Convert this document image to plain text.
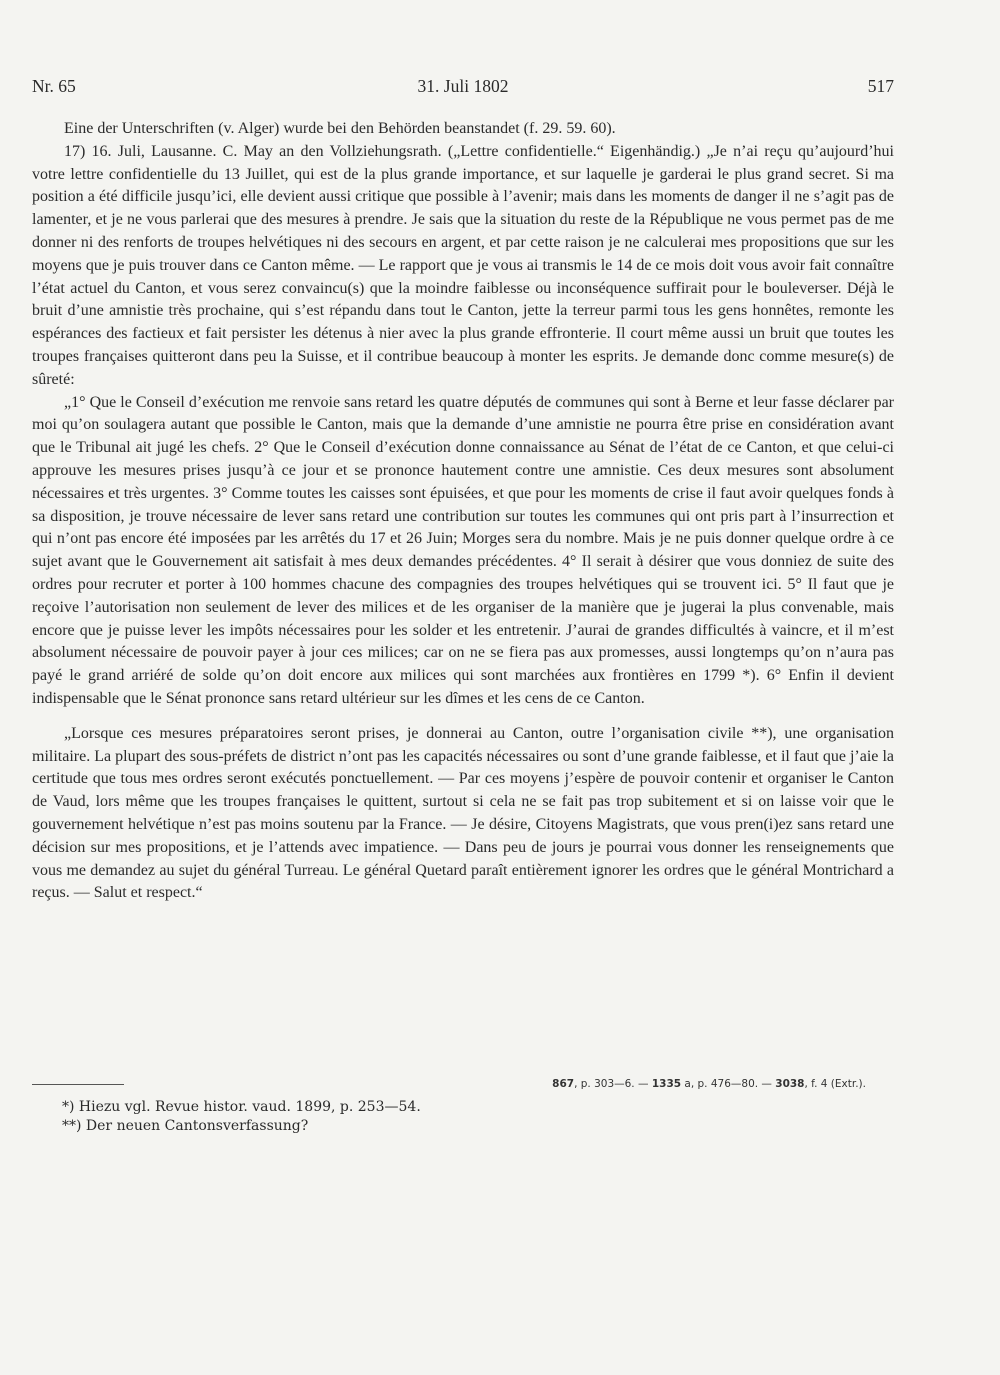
Nr. 65	31. Juli 1802	517

Eine der Unterschriften (v. Alger) wurde bei den Behörden beanstandet (f. 29. 59. 60).

17) 16. Juli, Lausanne. C. May an den Vollziehungsrath. („Lettre confidentielle.“ Eigenhändig.) „Je n’ai reçu qu’aujourd’hui votre lettre confidentielle du 13 Juillet, qui est de la plus grande importance, et sur laquelle je garderai le plus grand secret. Si ma position a été difficile jusqu’ici, elle devient aussi critique que possible à l’avenir; mais dans les moments de danger il ne s’agit pas de lamenter, et je ne vous parlerai que des mesures à prendre. Je sais que la situation du reste de la République ne vous permet pas de me donner ni des renforts de troupes helvétiques ni des secours en argent, et par cette raison je ne calculerai mes propositions que sur les moyens que je puis trouver dans ce Canton même. — Le rapport que je vous ai transmis le 14 de ce mois doit vous avoir fait connaître l’état actuel du Canton, et vous serez convaincu(s) que la moindre faiblesse ou inconséquence suffirait pour le bouleverser. Déjà le bruit d’une amnistie très prochaine, qui s’est répandu dans tout le Canton, jette la terreur parmi tous les gens honnêtes, remonte les espérances des factieux et fait persister les détenus à nier avec la plus grande effronterie. Il court même aussi un bruit que toutes les troupes françaises quitteront dans peu la Suisse, et il contribue beaucoup à monter les esprits. Je demande donc comme mesure(s) de sûreté:

„1° Que le Conseil d’exécution me renvoie sans retard les quatre députés de communes qui sont à Berne et leur fasse déclarer par moi qu’on soulagera autant que possible le Canton, mais que la demande d’une amnistie ne pourra être prise en considération avant que le Tribunal ait jugé les chefs. 2° Que le Conseil d’exécution donne connaissance au Sénat de l’état de ce Canton, et que celui-ci approuve les mesures prises jusqu’à ce jour et se prononce hautement contre une amnistie. Ces deux mesures sont absolument nécessaires et très urgentes. 3° Comme toutes les caisses sont épuisées, et que pour les moments de crise il faut avoir quelques fonds à sa disposition, je trouve nécessaire de lever sans retard une contribution sur toutes les communes qui ont pris part à l’insurrection et qui n’ont pas encore été imposées par les arrêtés du 17 et 26 Juin; Morges sera du nombre. Mais je ne puis donner quelque ordre à ce sujet avant que le Gouvernement ait satisfait à mes deux demandes précédentes. 4° Il serait à désirer que vous donniez de suite des ordres pour recruter et porter à 100 hommes chacune des compagnies des troupes helvétiques qui se trouvent ici. 5° Il faut que je reçoive l’autorisation non seulement de lever des milices et de les organiser de la manière que je jugerai la plus convenable, mais encore que je puisse lever les impôts nécessaires pour les solder et les entretenir. J’aurai de grandes difficultés à vaincre, et il m’est absolument nécessaire de pouvoir payer à jour ces milices; car on ne se fiera pas aux promesses, aussi longtemps qu’on n’aura pas payé le grand arriéré de solde qu’on doit encore aux milices qui sont marchées aux frontières en 1799 *). 6° Enfin il devient indispensable que le Sénat prononce sans retard ultérieur sur les dîmes et les cens de ce Canton.

„Lorsque ces mesures préparatoires seront prises, je donnerai au Canton, outre l’organisation civile **), une organisation militaire. La plupart des sous-préfets de district n’ont pas les capacités nécessaires ou sont d’une grande faiblesse, et il faut que j’aie la certitude que tous mes ordres seront exécutés ponctuellement. — Par ces moyens j’espère de pouvoir contenir et organiser le Canton de Vaud, lors même que les troupes françaises le quittent, surtout si cela ne se fait pas trop subitement et si on laisse voir que le gouvernement helvétique n’est pas moins soutenu par la France. — Je désire, Citoyens Magistrats, que vous pren(i)ez sans retard une décision sur mes propositions, et je l’attends avec impatience. — Dans peu de jours je pourrai vous donner les renseignements que vous me demandez au sujet du général Turreau. Le général Quetard paraît entièrement ignorer les ordres que le général Montrichard a reçus. — Salut et respect.“

867, p. 303—6. — 1335 a, p. 476—80. — 3038, f. 4 (Extr.).
*) Hiezu vgl. Revue histor. vaud. 1899, p. 253—54.
**) Der neuen Cantonsverfassung?
